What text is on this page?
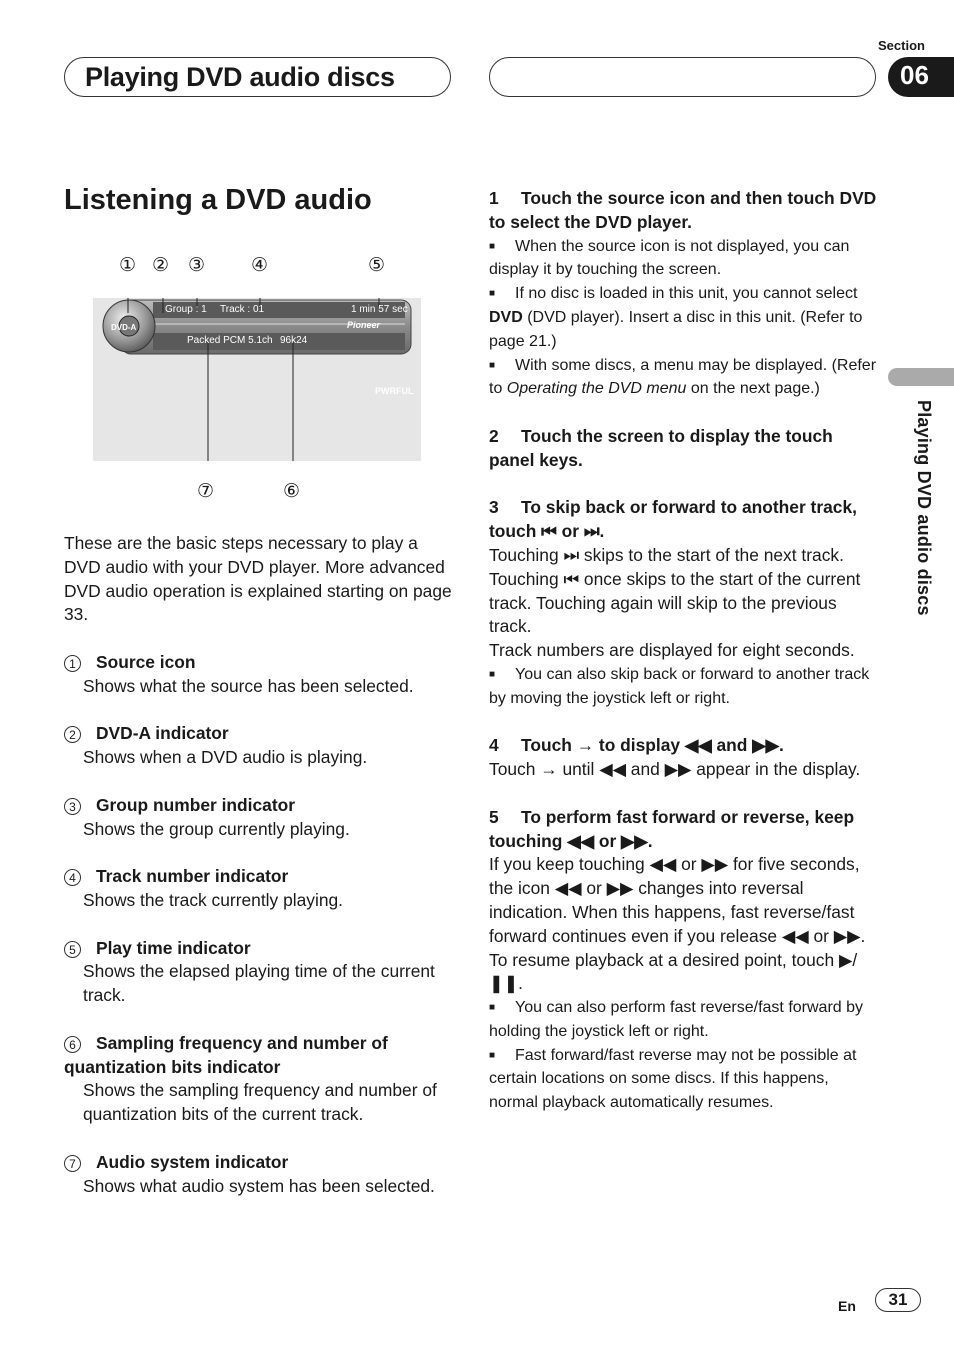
Playing DVD audio discs
Section
06
Playing DVD audio discs
Listening a DVD audio
① ② ③ ④	⑤
⑦	⑥
DVD-A
Group : 1 Track : 01	1 min 57 sec
Pioneer
Packed PCM 5.1ch 96k24
PWRFUL

These are the basic steps necessary to play a DVD audio with your DVD player. More advanced DVD audio operation is explained starting on page 33.

1 Source icon

Shows what the source has been selected.

2 DVD-A indicator

Shows when a DVD audio is playing.

3 Group number indicator

Shows the group currently playing.

4 Track number indicator

Shows the track currently playing.

5 Play time indicator

Shows the elapsed playing time of the current track.

6 Sampling frequency and number of quantization bits indicator

Shows the sampling frequency and number of quantization bits of the current track.

7 Audio system indicator

Shows what audio system has been selected.

1 Touch the source icon and then touch DVD to select the DVD player.

■ When the source icon is not displayed, you can display it by touching the screen.

■ If no disc is loaded in this unit, you cannot select DVD (DVD player). Insert a disc in this unit. (Refer to page 21.)

■ With some discs, a menu may be displayed. (Refer to Operating the DVD menu on the next page.)

2 Touch the screen to display the touch panel keys.

3 To skip back or forward to another track, touch ⏮ or ⏭.

Touching ⏭ skips to the start of the next track. Touching ⏮ once skips to the start of the current track. Touching again will skip to the previous track.

Track numbers are displayed for eight seconds.

■ You can also skip back or forward to another track by moving the joystick left or right.

4 Touch → to display ◀◀ and ▶▶.

Touch → until ◀◀ and ▶▶ appear in the display.

5 To perform fast forward or reverse, keep touching ◀◀ or ▶▶.

If you keep touching ◀◀ or ▶▶ for five seconds, the icon ◀◀ or ▶▶ changes into reversal indication. When this happens, fast reverse/fast forward continues even if you release ◀◀ or ▶▶. To resume playback at a desired point, touch ▶/❚❚.

■ You can also perform fast reverse/fast forward by holding the joystick left or right.

■ Fast forward/fast reverse may not be possible at certain locations on some discs. If this happens, normal playback automatically resumes.

En	31
